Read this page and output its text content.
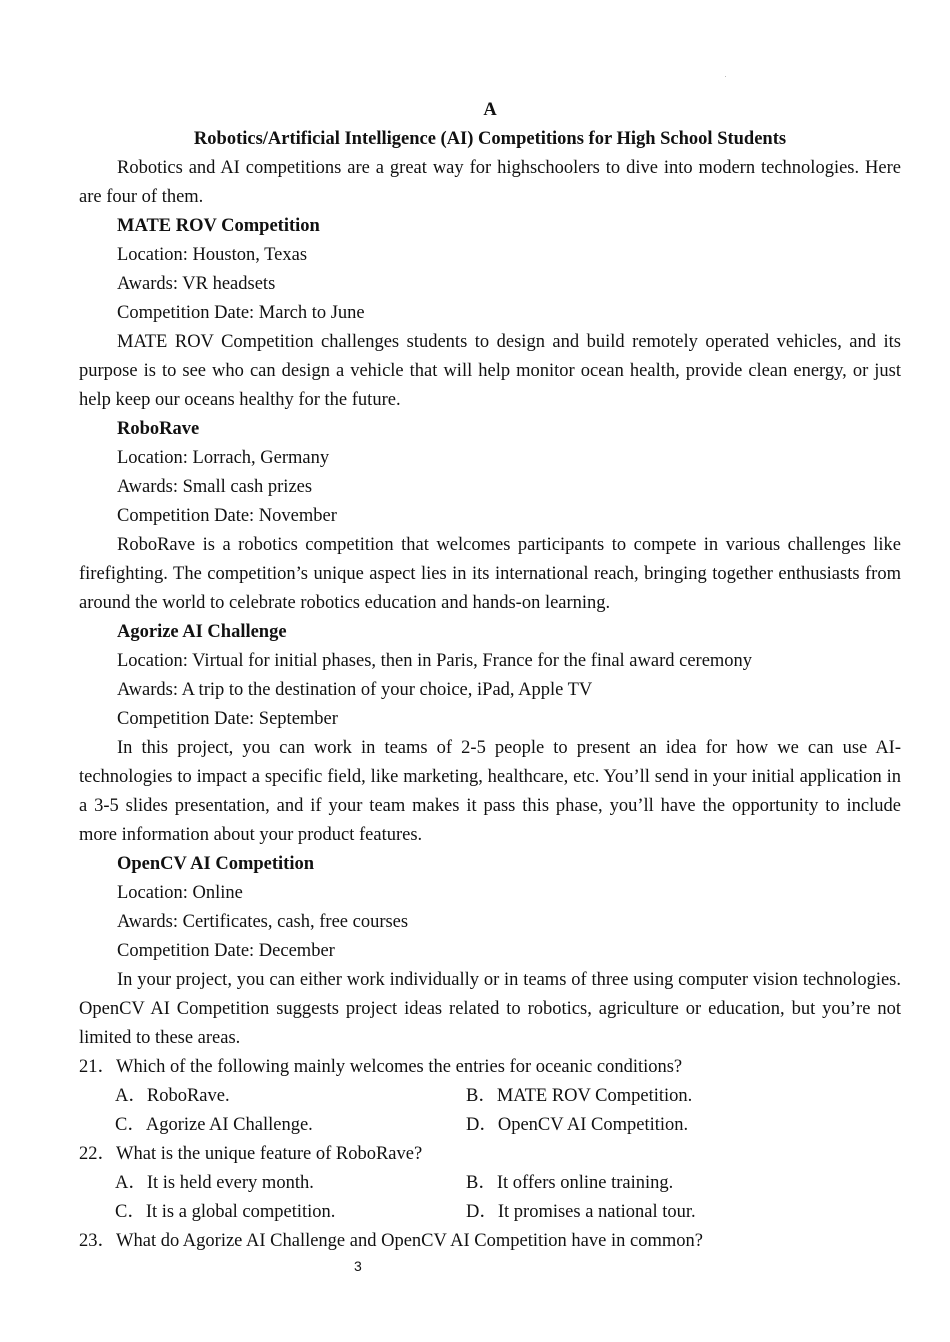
A
Robotics/Artificial Intelligence (AI) Competitions for High School Students

Robotics and AI competitions are a great way for highschoolers to dive into modern technologies. Here are four of them.

MATE ROV Competition
Location: Houston, Texas
Awards: VR headsets
Competition Date: March to June

MATE ROV Competition challenges students to design and build remotely operated vehicles, and its purpose is to see who can design a vehicle that will help monitor ocean health, provide clean energy, or just help keep our oceans healthy for the future.

RoboRave
Location: Lorrach, Germany
Awards: Small cash prizes
Competition Date: November

RoboRave is a robotics competition that welcomes participants to compete in various challenges like firefighting. The competition’s unique aspect lies in its international reach, bringing together enthusiasts from around the world to celebrate robotics education and hands-on learning.

Agorize AI Challenge
Location: Virtual for initial phases, then in Paris, France for the final award ceremony
Awards: A trip to the destination of your choice, iPad, Apple TV
Competition Date: September

In this project, you can work in teams of 2-5 people to present an idea for how we can use AI-technologies to impact a specific field, like marketing, healthcare, etc. You’ll send in your initial application in a 3-5 slides presentation, and if your team makes it pass this phase, you’ll have the opportunity to include more information about your product features.

OpenCV AI Competition
Location: Online
Awards: Certificates, cash, free courses
Competition Date: December

In your project, you can either work individually or in teams of three using computer vision technologies. OpenCV AI Competition suggests project ideas related to robotics, agriculture or education, but you’re not limited to these areas.

21．Which of the following mainly welcomes the entries for oceanic conditions?
A．RoboRave.	B．MATE ROV Competition.
C．Agorize AI Challenge.	D．OpenCV AI Competition.
22．What is the unique feature of RoboRave?
A．It is held every month.	B．It offers online training.
C．It is a global competition.	D．It promises a national tour.
23．What do Agorize AI Challenge and OpenCV AI Competition have in common?
3
